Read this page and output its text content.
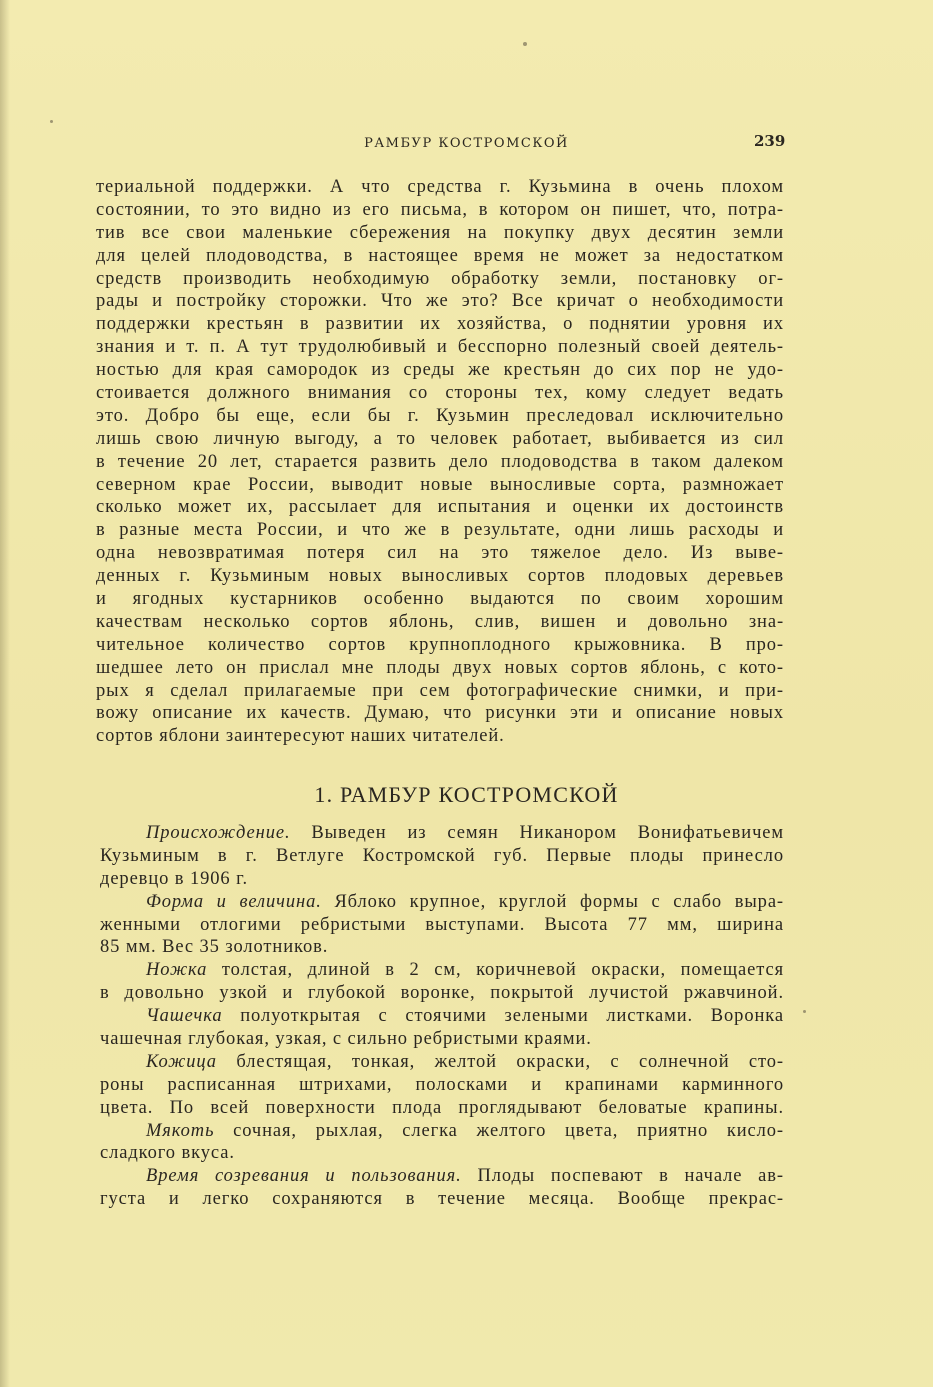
РАМБУР КОСТРОМСКОЙ	239
териальной поддержки. А что средства г. Кузьмина в очень плохом
состоянии, то это видно из его письма, в котором он пишет, что, потра-
тив все свои маленькие сбережения на покупку двух десятин земли
для целей плодоводства, в настоящее время не может за недостатком
средств производить необходимую обработку земли, постановку ог-
рады и постройку сторожки. Что же это? Все кричат о необходимости
поддержки крестьян в развитии их хозяйства, о поднятии уровня их
знания и т. п. А тут трудолюбивый и бесспорно полезный своей деятель-
ностью для края самородок из среды же крестьян до сих пор не удо-
стоивается должного внимания со стороны тех, кому следует ведать
это. Добро бы еще, если бы г. Кузьмин преследовал исключительно
лишь свою личную выгоду, а то человек работает, выбивается из сил
в течение 20 лет, старается развить дело плодоводства в таком далеком
северном крае России, выводит новые выносливые сорта, размножает
сколько может их, рассылает для испытания и оценки их достоинств
в разные места России, и что же в результате, одни лишь расходы и
одна невозвратимая потеря сил на это тяжелое дело. Из выве-
денных г. Кузьминым новых выносливых сортов плодовых деревьев
и ягодных кустарников особенно выдаются по своим хорошим
качествам несколько сортов яблонь, слив, вишен и довольно зна-
чительное количество сортов крупноплодного крыжовника. В про-
шедшее лето он прислал мне плоды двух новых сортов яблонь, с кото-
рых я сделал прилагаемые при сем фотографические снимки, и при-
вожу описание их качеств. Думаю, что рисунки эти и описание новых
сортов яблони заинтересуют наших читателей.
1. РАМБУР КОСТРОМСКОЙ
Происхождение. Выведен из семян Никанором Вонифатьевичем
Кузьминым в г. Ветлуге Костромской губ. Первые плоды принесло
деревцо в 1906 г.
Форма и величина. Яблоко крупное, круглой формы с слабо выра-
женными отлогими ребристыми выступами. Высота 77 мм, ширина
85 мм. Вес 35 золотников.
Ножка толстая, длиной в 2 см, коричневой окраски, помещается
в довольно узкой и глубокой воронке, покрытой лучистой ржавчиной.
Чашечка полуоткрытая с стоячими зелеными листками. Воронка
чашечная глубокая, узкая, с сильно ребристыми краями.
Кожица блестящая, тонкая, желтой окраски, с солнечной сто-
роны расписанная штрихами, полосками и крапинами карминного
цвета. По всей поверхности плода проглядывают беловатые крапины.
Мякоть сочная, рыхлая, слегка желтого цвета, приятно кисло-
сладкого вкуса.
Время созревания и пользования. Плоды поспевают в начале ав-
густа и легко сохраняются в течение месяца. Вообще прекрас-
